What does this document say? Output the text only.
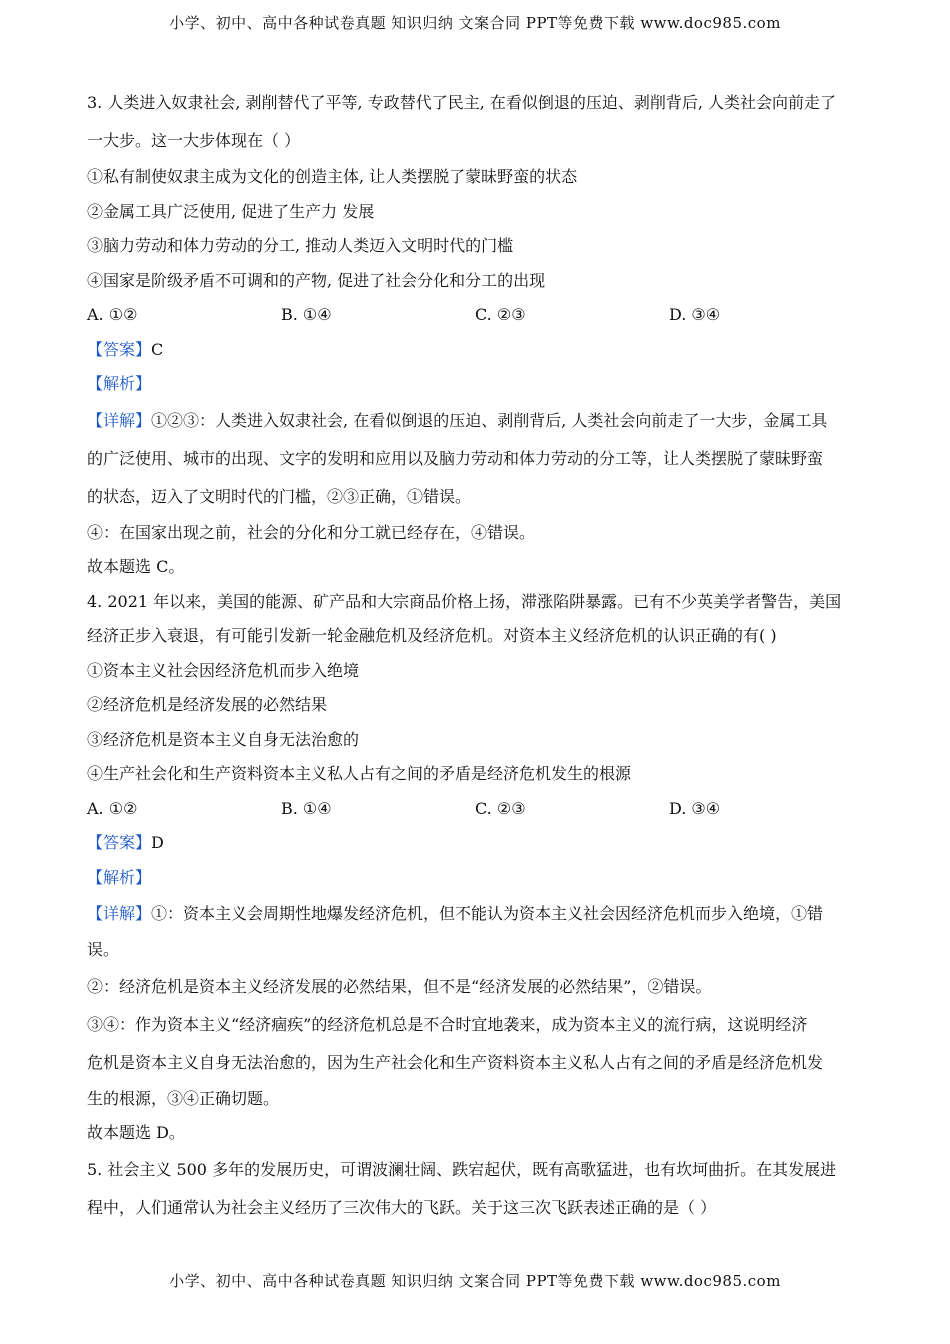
小学、初中、高中各种试卷真题 知识归纳 文案合同 PPT等免费下载 www.doc985.com
3. 人类进入奴隶社会, 剥削替代了平等, 专政替代了民主, 在看似倒退的压迫、剥削背后, 人类社会向前走了
一大步。这一大步体现在（ ）
①私有制使奴隶主成为文化的创造主体, 让人类摆脱了蒙昧野蛮的状态
②金属工具广泛使用, 促进了生产力 发展
③脑力劳动和体力劳动的分工, 推动人类迈入文明时代的门槛
④国家是阶级矛盾不可调和的产物, 促进了社会分化和分工的出现
A. ①②	B. ①④	C. ②③	D. ③④
【答案】C
【解析】
【详解】①②③：人类进入奴隶社会, 在看似倒退的压迫、剥削背后, 人类社会向前走了一大步，金属工具
的广泛使用、城市的出现、文字的发明和应用以及脑力劳动和体力劳动的分工等，让人类摆脱了蒙昧野蛮
的状态，迈入了文明时代的门槛，②③正确，①错误。
④：在国家出现之前，社会的分化和分工就已经存在，④错误。
故本题选 C。
4. 2021 年以来，美国的能源、矿产品和大宗商品价格上扬，滞涨陷阱暴露。已有不少英美学者警告，美国
经济正步入衰退，有可能引发新一轮金融危机及经济危机。对资本主义经济危机的认识正确的有( )
①资本主义社会因经济危机而步入绝境
②经济危机是经济发展的必然结果
③经济危机是资本主义自身无法治愈的
④生产社会化和生产资料资本主义私人占有之间的矛盾是经济危机发生的根源
A. ①②	B. ①④	C. ②③	D. ③④
【答案】D
【解析】
【详解】①：资本主义会周期性地爆发经济危机，但不能认为资本主义社会因经济危机而步入绝境，①错
误。
②：经济危机是资本主义经济发展的必然结果，但不是“经济发展的必然结果”，②错误。
③④：作为资本主义“经济痼疾”的经济危机总是不合时宜地袭来，成为资本主义的流行病，这说明经济
危机是资本主义自身无法治愈的，因为生产社会化和生产资料资本主义私人占有之间的矛盾是经济危机发
生的根源，③④正确切题。
故本题选 D。
5. 社会主义 500 多年的发展历史，可谓波澜壮阔、跌宕起伏，既有高歌猛进，也有坎坷曲折。在其发展进
程中，人们通常认为社会主义经历了三次伟大的飞跃。关于这三次飞跃表述正确的是（ ）
小学、初中、高中各种试卷真题 知识归纳 文案合同 PPT等免费下载 www.doc985.com
